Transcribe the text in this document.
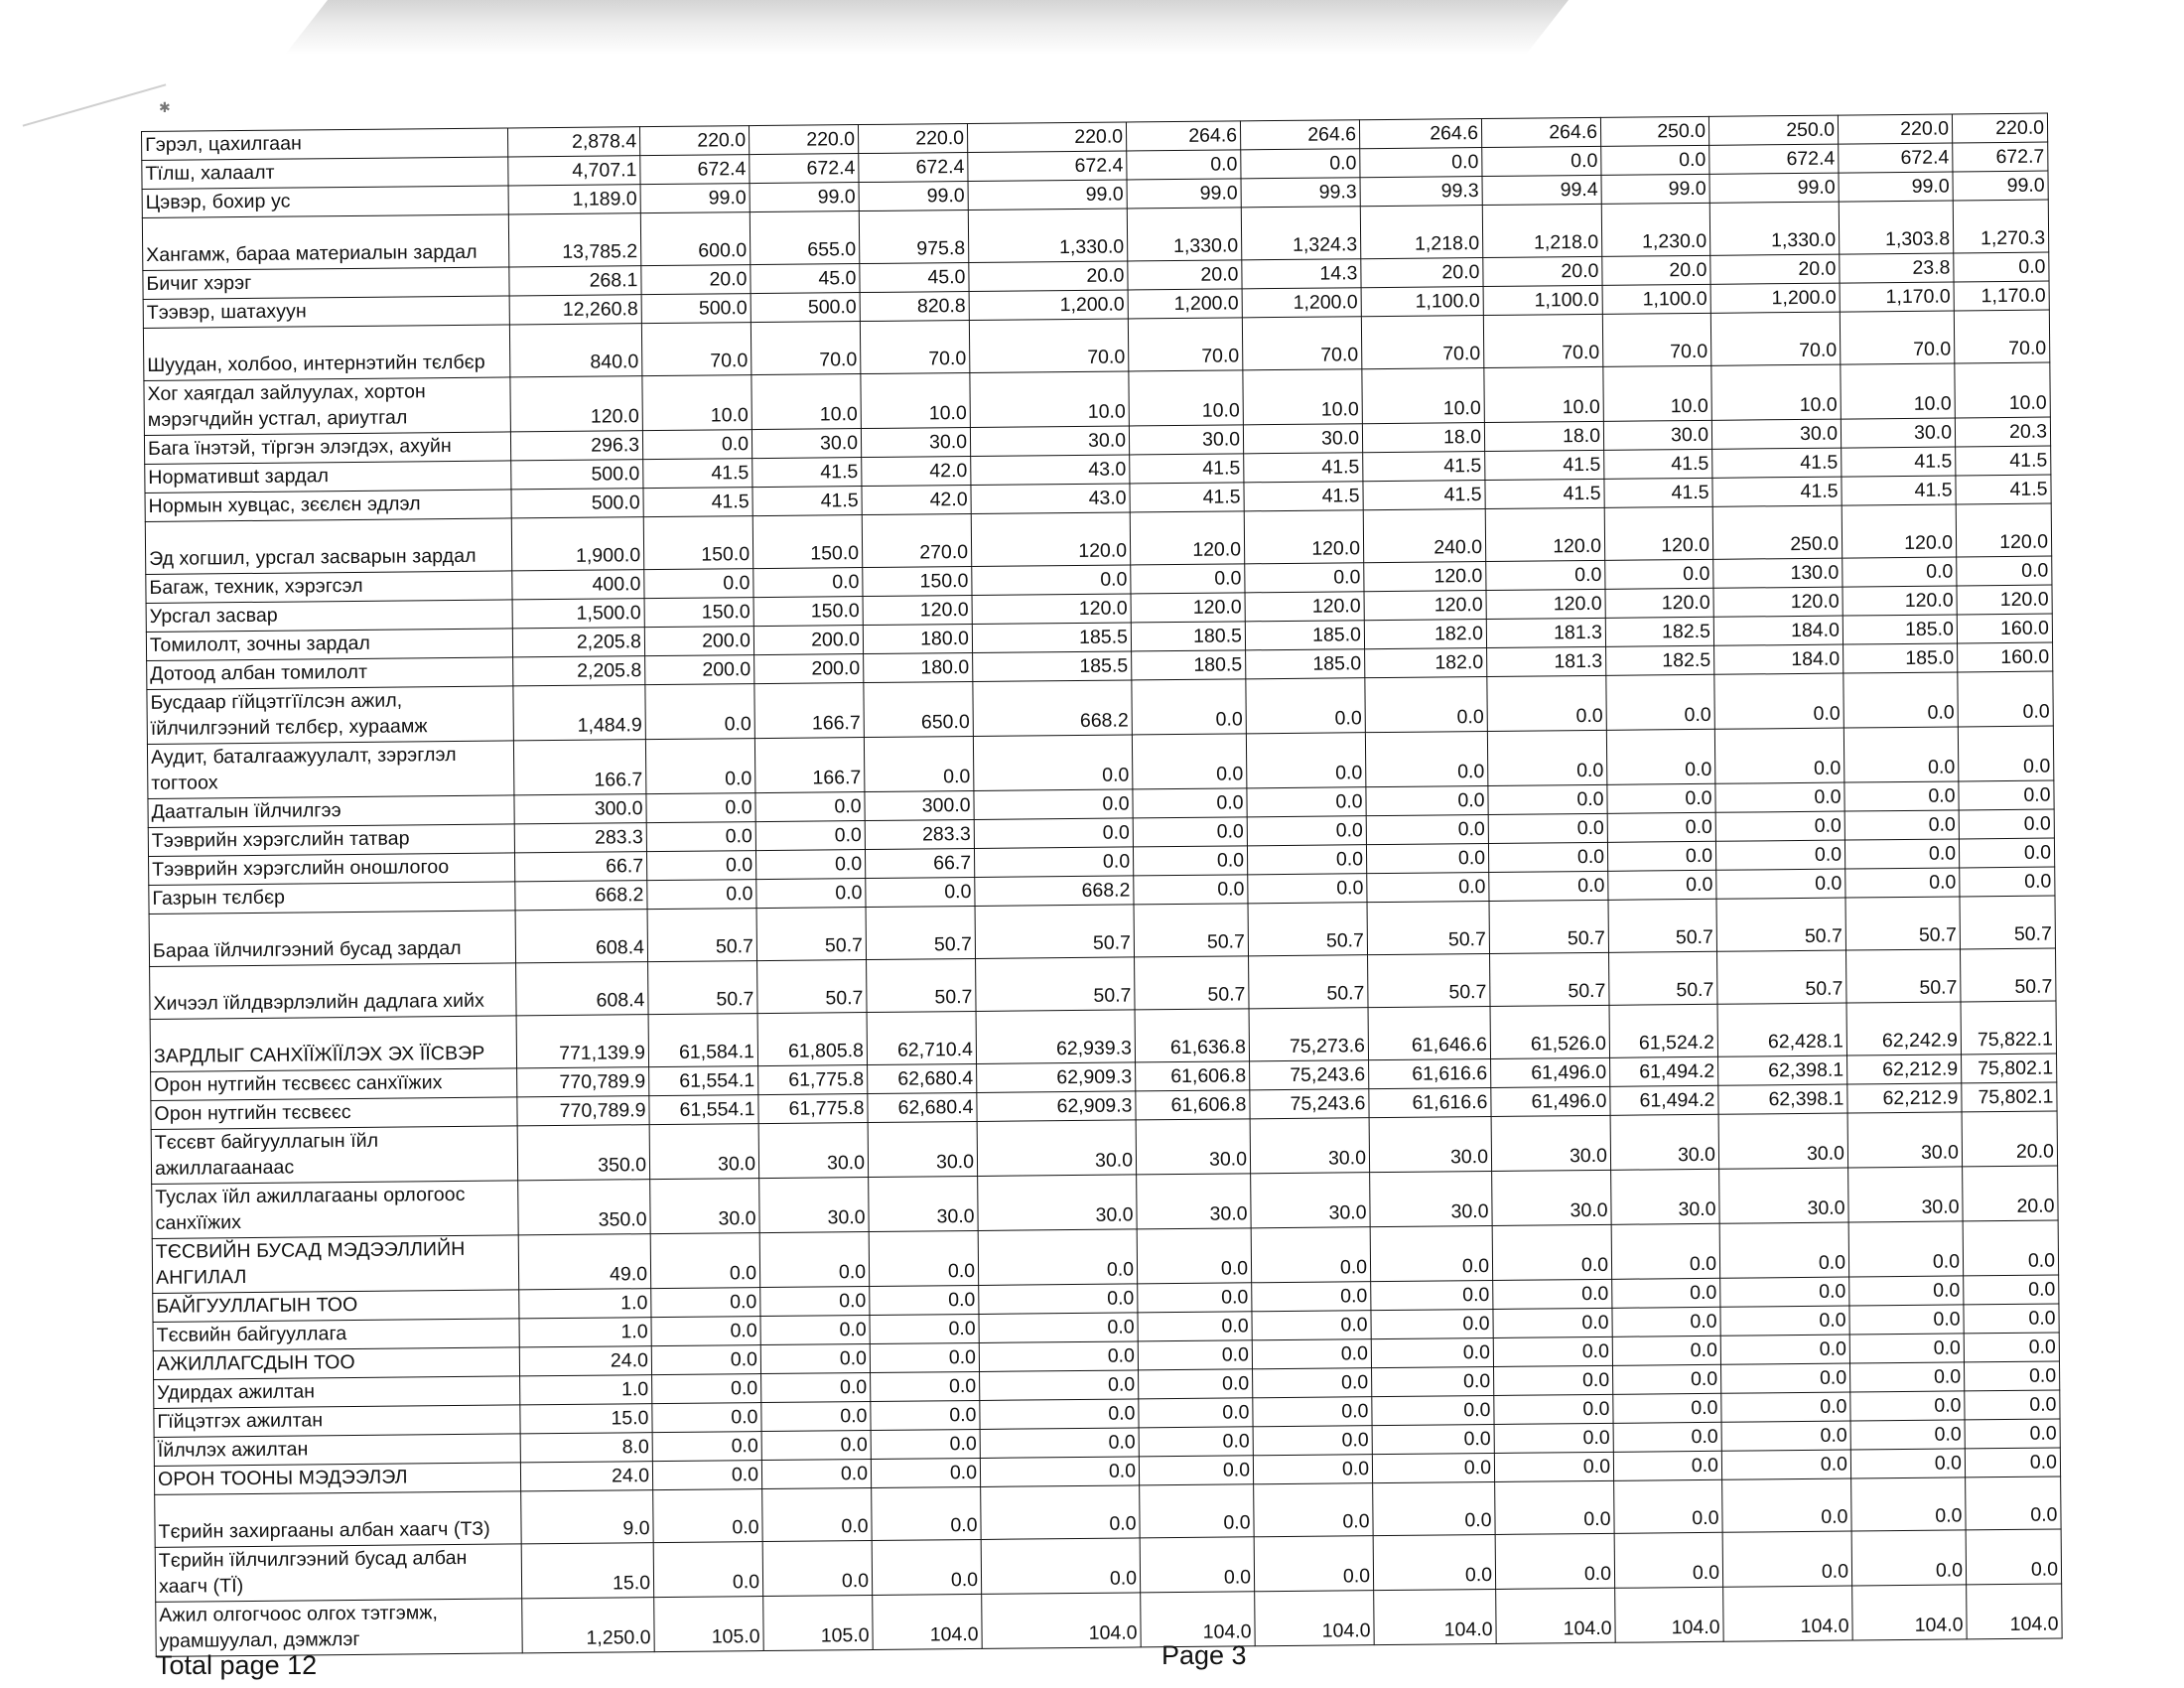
✱
Гэрэл, цахилгаан	2,878.4	220.0	220.0	220.0	220.0	264.6	264.6	264.6	264.6	250.0	250.0	220.0	220.0
Тїлш, халаалт	4,707.1	672.4	672.4	672.4	672.4	0.0	0.0	0.0	0.0	0.0	672.4	672.4	672.7
Цэвэр, бохир ус	1,189.0	99.0	99.0	99.0	99.0	99.0	99.3	99.3	99.4	99.0	99.0	99.0	99.0
Хангамж, бараа материалын зардал	13,785.2	600.0	655.0	975.8	1,330.0	1,330.0	1,324.3	1,218.0	1,218.0	1,230.0	1,330.0	1,303.8	1,270.3
Бичиг хэрэг	268.1	20.0	45.0	45.0	20.0	20.0	14.3	20.0	20.0	20.0	20.0	23.8	0.0
Тээвэр, шатахуун	12,260.8	500.0	500.0	820.8	1,200.0	1,200.0	1,200.0	1,100.0	1,100.0	1,100.0	1,200.0	1,170.0	1,170.0
Шуудан, холбоо, интернэтийн тєлбєр	840.0	70.0	70.0	70.0	70.0	70.0	70.0	70.0	70.0	70.0	70.0	70.0	70.0
Хог хаягдал зайлуулах, хортон мэрэгчдийн устгал, ариутгал	120.0	10.0	10.0	10.0	10.0	10.0	10.0	10.0	10.0	10.0	10.0	10.0	10.0
Бага їнэтэй, тїргэн элэгдэх, ахуйн	296.3	0.0	30.0	30.0	30.0	30.0	30.0	18.0	18.0	30.0	30.0	30.0	20.3
Норматившt зардал	500.0	41.5	41.5	42.0	43.0	41.5	41.5	41.5	41.5	41.5	41.5	41.5	41.5
Нормын хувцас, зєєлєн эдлэл	500.0	41.5	41.5	42.0	43.0	41.5	41.5	41.5	41.5	41.5	41.5	41.5	41.5
Эд хогшил, урсгал засварын зардал	1,900.0	150.0	150.0	270.0	120.0	120.0	120.0	240.0	120.0	120.0	250.0	120.0	120.0
Багаж, техник, хэрэгсэл	400.0	0.0	0.0	150.0	0.0	0.0	0.0	120.0	0.0	0.0	130.0	0.0	0.0
Урсгал засвар	1,500.0	150.0	150.0	120.0	120.0	120.0	120.0	120.0	120.0	120.0	120.0	120.0	120.0
Томилолт, зочны зардал	2,205.8	200.0	200.0	180.0	185.5	180.5	185.0	182.0	181.3	182.5	184.0	185.0	160.0
Дотоод албан томилолт	2,205.8	200.0	200.0	180.0	185.5	180.5	185.0	182.0	181.3	182.5	184.0	185.0	160.0
Бусдаар гїйцэтгїїлсэн ажил, їйлчилгээний тєлбєр, хураамж	1,484.9	0.0	166.7	650.0	668.2	0.0	0.0	0.0	0.0	0.0	0.0	0.0	0.0
Аудит, баталгаажуулалт, зэрэглэл тогтоох	166.7	0.0	166.7	0.0	0.0	0.0	0.0	0.0	0.0	0.0	0.0	0.0	0.0
Даатгалын їйлчилгээ	300.0	0.0	0.0	300.0	0.0	0.0	0.0	0.0	0.0	0.0	0.0	0.0	0.0
Тээврийн хэрэгслийн татвар	283.3	0.0	0.0	283.3	0.0	0.0	0.0	0.0	0.0	0.0	0.0	0.0	0.0
Тээврийн хэрэгслийн оношлогоо	66.7	0.0	0.0	66.7	0.0	0.0	0.0	0.0	0.0	0.0	0.0	0.0	0.0
Газрын тєлбєр	668.2	0.0	0.0	0.0	668.2	0.0	0.0	0.0	0.0	0.0	0.0	0.0	0.0
Бараа їйлчилгээний бусад зардал	608.4	50.7	50.7	50.7	50.7	50.7	50.7	50.7	50.7	50.7	50.7	50.7	50.7
Хичээл їйлдвэрлэлийн дадлага хийх	608.4	50.7	50.7	50.7	50.7	50.7	50.7	50.7	50.7	50.7	50.7	50.7	50.7
ЗАРДЛЫГ САНХЇЇЖЇЇЛЭХ ЭХ ЇЇСВЭР	771,139.9	61,584.1	61,805.8	62,710.4	62,939.3	61,636.8	75,273.6	61,646.6	61,526.0	61,524.2	62,428.1	62,242.9	75,822.1
Орон нутгийн тєсвєєс санхїїжих	770,789.9	61,554.1	61,775.8	62,680.4	62,909.3	61,606.8	75,243.6	61,616.6	61,496.0	61,494.2	62,398.1	62,212.9	75,802.1
Орон нутгийн тєсвєєс	770,789.9	61,554.1	61,775.8	62,680.4	62,909.3	61,606.8	75,243.6	61,616.6	61,496.0	61,494.2	62,398.1	62,212.9	75,802.1
Тєсєвт байгууллагын їйл ажиллагаанаас	350.0	30.0	30.0	30.0	30.0	30.0	30.0	30.0	30.0	30.0	30.0	30.0	20.0
Туслах їйл ажиллагааны орлогоос санхїїжих	350.0	30.0	30.0	30.0	30.0	30.0	30.0	30.0	30.0	30.0	30.0	30.0	20.0
ТЄСВИЙН БУСАД МЭДЭЭЛЛИЙН АНГИЛАЛ	49.0	0.0	0.0	0.0	0.0	0.0	0.0	0.0	0.0	0.0	0.0	0.0	0.0
БАЙГУУЛЛАГЫН ТОО	1.0	0.0	0.0	0.0	0.0	0.0	0.0	0.0	0.0	0.0	0.0	0.0	0.0
Тєсвийн байгууллага	1.0	0.0	0.0	0.0	0.0	0.0	0.0	0.0	0.0	0.0	0.0	0.0	0.0
АЖИЛЛАГСДЫН ТОО	24.0	0.0	0.0	0.0	0.0	0.0	0.0	0.0	0.0	0.0	0.0	0.0	0.0
Удирдах ажилтан	1.0	0.0	0.0	0.0	0.0	0.0	0.0	0.0	0.0	0.0	0.0	0.0	0.0
Гїйцэтгэх ажилтан	15.0	0.0	0.0	0.0	0.0	0.0	0.0	0.0	0.0	0.0	0.0	0.0	0.0
Їйлчлэх ажилтан	8.0	0.0	0.0	0.0	0.0	0.0	0.0	0.0	0.0	0.0	0.0	0.0	0.0
ОРОН ТООНЫ МЭДЭЭЛЭЛ	24.0	0.0	0.0	0.0	0.0	0.0	0.0	0.0	0.0	0.0	0.0	0.0	0.0
Тєрийн захиргааны албан хаагч (ТЗ)	9.0	0.0	0.0	0.0	0.0	0.0	0.0	0.0	0.0	0.0	0.0	0.0	0.0
Тєрийн їйлчилгээний бусад албан хаагч (ТЇ)	15.0	0.0	0.0	0.0	0.0	0.0	0.0	0.0	0.0	0.0	0.0	0.0	0.0
Ажил олгогчоос олгох тэтгэмж, урамшуулал, дэмжлэг	1,250.0	105.0	105.0	104.0	104.0	104.0	104.0	104.0	104.0	104.0	104.0	104.0	104.0
Total page 12	Page 3
